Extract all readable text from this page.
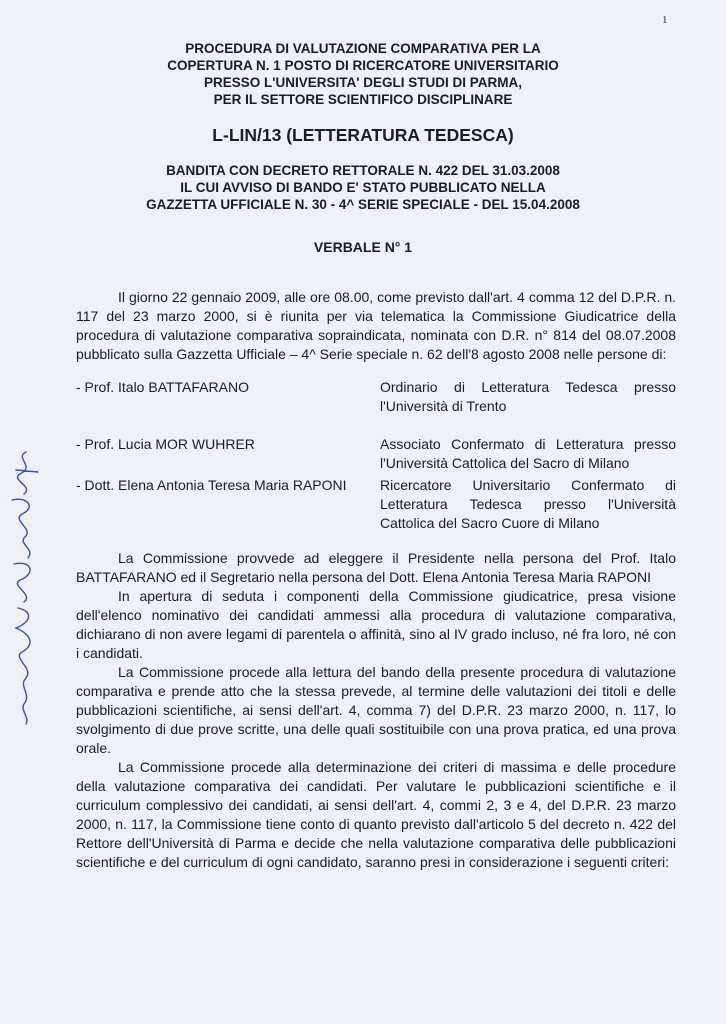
1
PROCEDURA DI VALUTAZIONE COMPARATIVA PER LA
COPERTURA N. 1 POSTO DI RICERCATORE UNIVERSITARIO
PRESSO L'UNIVERSITA' DEGLI STUDI DI PARMA,
PER IL SETTORE SCIENTIFICO DISCIPLINARE
L-LIN/13 (LETTERATURA TEDESCA)
BANDITA CON DECRETO RETTORALE N. 422 DEL 31.03.2008
IL CUI AVVISO DI BANDO E' STATO PUBBLICATO NELLA
GAZZETTA UFFICIALE N. 30 - 4^ SERIE SPECIALE - DEL 15.04.2008
VERBALE N° 1

Il giorno 22 gennaio 2009, alle ore 08.00, come previsto dall'art. 4 comma 12 del D.P.R. n. 117 del 23 marzo 2000, si è riunita per via telematica la Commissione Giudicatrice della procedura di valutazione comparativa sopraindicata, nominata con D.R. n° 814 del 08.07.2008 pubblicato sulla Gazzetta Ufficiale – 4^ Serie speciale n. 62 dell'8 agosto 2008 nelle persone di:

- Prof. Italo BATTAFARANO	Ordinario di Letteratura Tedesca presso l'Università di Trento
- Prof. Lucia MOR WUHRER	Associato Confermato di Letteratura presso l'Università Cattolica del Sacro di Milano
- Dott. Elena Antonia Teresa Maria RAPONI	Ricercatore Universitario Confermato di Letteratura Tedesca presso l'Università Cattolica del Sacro Cuore di Milano

La Commissione provvede ad eleggere il Presidente nella persona del Prof. Italo BATTAFARANO ed il Segretario nella persona del Dott. Elena Antonia Teresa Maria RAPONI

In apertura di seduta i componenti della Commissione giudicatrice, presa visione dell'elenco nominativo dei candidati ammessi alla procedura di valutazione comparativa, dichiarano di non avere legami di parentela o affinità, sino al IV grado incluso, né fra loro, né con i candidati.

La Commissione procede alla lettura del bando della presente procedura di valutazione comparativa e prende atto che la stessa prevede, al termine delle valutazioni dei titoli e delle pubblicazioni scientifiche, ai sensi dell'art. 4, comma 7) del D.P.R. 23 marzo 2000, n. 117, lo svolgimento di due prove scritte, una delle quali sostituibile con una prova pratica, ed una prova orale.

La Commissione procede alla determinazione dei criteri di massima e delle procedure della valutazione comparativa dei candidati. Per valutare le pubblicazioni scientifiche e il curriculum complessivo dei candidati, ai sensi dell'art. 4, commi 2, 3 e 4, del D.P.R. 23 marzo 2000, n. 117, la Commissione tiene conto di quanto previsto dall'articolo 5 del decreto n. 422 del Rettore dell'Università di Parma e decide che nella valutazione comparativa delle pubblicazioni scientifiche e del curriculum di ogni candidato, saranno presi in considerazione i seguenti criteri:
